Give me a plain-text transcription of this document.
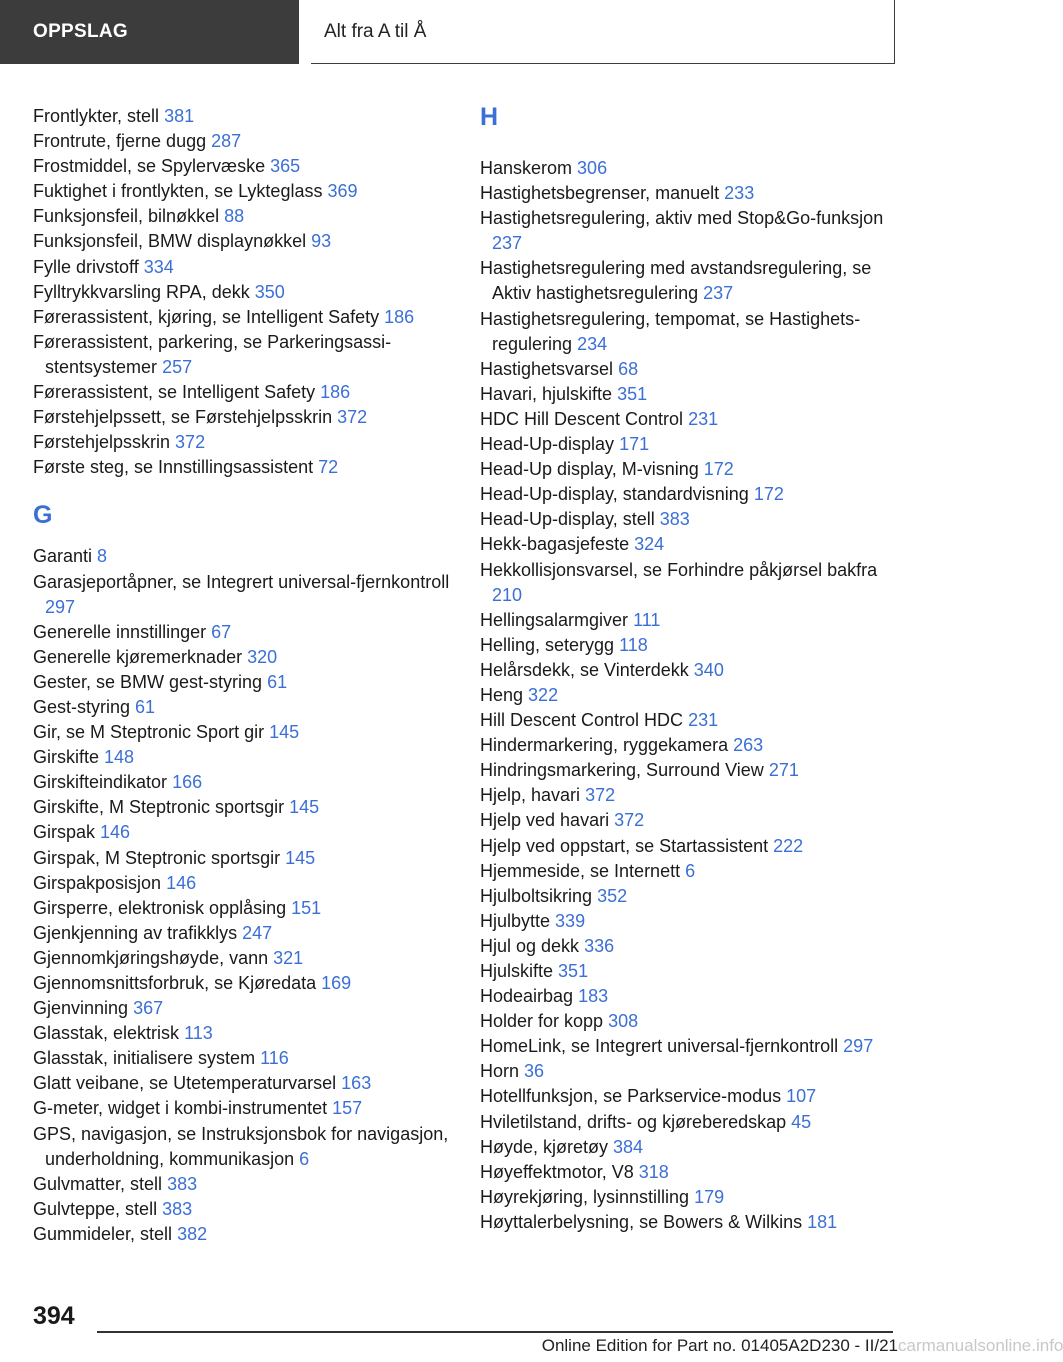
OPPSLAG	Alt fra A til Å
Frontlykter, stell 381
Frontrute, fjerne dugg 287
Frostmiddel, se Spylervæske 365
Fuktighet i frontlykten, se Lykteglass 369
Funksjonsfeil, bilnøkkel 88
Funksjonsfeil, BMW displaynøkkel 93
Fylle drivstoff 334
Fylltrykkvarsling RPA, dekk 350
Førerassistent, kjøring, se Intelligent Safety 186
Førerassistent, parkering, se Parkeringsassistentsystemer 257
Førerassistent, se Intelligent Safety 186
Førstehjelpssett, se Førstehjelpsskrin 372
Førstehjelpsskrin 372
Første steg, se Innstillingsassistent 72
G
Garanti 8
Garasjeportåpner, se Integrert universal-fjernkontroll 297
Generelle innstillinger 67
Generelle kjøremerknader 320
Gester, se BMW gest-styring 61
Gest-styring 61
Gir, se M Steptronic Sport gir 145
Girskifte 148
Girskifteindikator 166
Girskifte, M Steptronic sportsgir 145
Girspak 146
Girspak, M Steptronic sportsgir 145
Girspakposisjon 146
Girsperre, elektronisk opplåsing 151
Gjenkjenning av trafikklys 247
Gjennomkjøringshøyde, vann 321
Gjennomsnittsforbruk, se Kjøredata 169
Gjenvinning 367
Glasstak, elektrisk 113
Glasstak, initialisere system 116
Glatt veibane, se Utetemperaturvarsel 163
G-meter, widget i kombi-instrumentet 157
GPS, navigasjon, se Instruksjonsbok for navigasjon, underholdning, kommunikasjon 6
Gulvmatter, stell 383
Gulvteppe, stell 383
Gummideler, stell 382
H
Hanskerom 306
Hastighetsbegrenser, manuelt 233
Hastighetsregulering, aktiv med Stop&Go-funksjon 237
Hastighetsregulering med avstandsregulering, se Aktiv hastighetsregulering 237
Hastighetsregulering, tempomat, se Hastighetsregulering 234
Hastighetsvarsel 68
Havari, hjulskifte 351
HDC Hill Descent Control 231
Head-Up-display 171
Head-Up display, M-visning 172
Head-Up-display, standardvisning 172
Head-Up-display, stell 383
Hekk-bagasjefeste 324
Hekkollisjonsvarsel, se Forhindre påkjørsel bakfra 210
Hellingsalarmgiver 111
Helling, seterygg 118
Helårsdekk, se Vinterdekk 340
Heng 322
Hill Descent Control HDC 231
Hindermarkering, ryggekamera 263
Hindringsmarkering, Surround View 271
Hjelp, havari 372
Hjelp ved havari 372
Hjelp ved oppstart, se Startassistent 222
Hjemmeside, se Internett 6
Hjulboltsikring 352
Hjulbytte 339
Hjul og dekk 336
Hjulskifte 351
Hodeairbag 183
Holder for kopp 308
HomeLink, se Integrert universal-fjernkontroll 297
Horn 36
Hotellfunksjon, se Parkservice-modus 107
Hviletilstand, drifts- og kjøreberedskap 45
Høyde, kjøretøy 384
Høyeffektmotor, V8 318
Høyrekjøring, lysinnstilling 179
Høyttalerbelysning, se Bowers & Wilkins 181
394
Online Edition for Part no. 01405A2D230 - II/21 carmanualsonline.info
